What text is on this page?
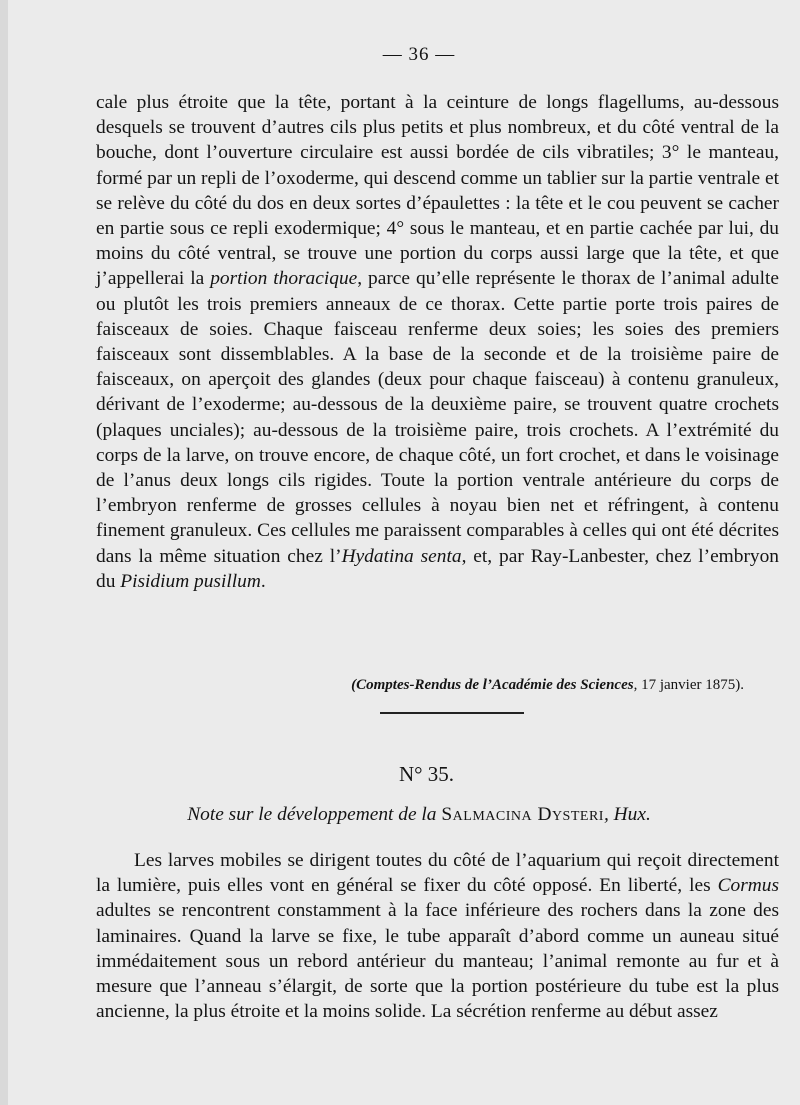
— 36 —

cale plus étroite que la tête, portant à la ceinture de longs flagellums, au-dessous desquels se trouvent d’autres cils plus petits et plus nombreux, et du côté ventral de la bouche, dont l’ouverture circulaire est aussi bordée de cils vibratiles; 3° le manteau, formé par un repli de l’oxoderme, qui descend comme un tablier sur la partie ventrale et se relève du côté du dos en deux sortes d’épaulettes : la tête et le cou peuvent se cacher en partie sous ce repli exodermique; 4° sous le manteau, et en partie cachée par lui, du moins du côté ventral, se trouve une portion du corps aussi large que la tête, et que j’appellerai la portion thoracique, parce qu’elle représente le thorax de l’animal adulte ou plutôt les trois premiers anneaux de ce thorax. Cette partie porte trois paires de faisceaux de soies. Chaque faisceau renferme deux soies; les soies des premiers faisceaux sont dissemblables. A la base de la seconde et de la troisième paire de faisceaux, on aperçoit des glandes (deux pour chaque faisceau) à contenu granuleux, dérivant de l’exoderme; au-dessous de la deuxième paire, se trouvent quatre crochets (plaques unciales); au-dessous de la troisième paire, trois crochets. A l’extrémité du corps de la larve, on trouve encore, de chaque côté, un fort crochet, et dans le voisinage de l’anus deux longs cils rigides. Toute la portion ventrale antérieure du corps de l’embryon renferme de grosses cellules à noyau bien net et réfringent, à contenu finement granuleux. Ces cellules me paraissent comparables à celles qui ont été décrites dans la même situation chez l’Hydatina senta, et, par Ray-Lanbester, chez l’embryon du Pisidium pusillum.

(Comptes-Rendus de l’Académie des Sciences, 17 janvier 1875).
N° 35.
Note sur le développement de la Salmacina Dysteri, Hux.

Les larves mobiles se dirigent toutes du côté de l’aquarium qui reçoit directement la lumière, puis elles vont en général se fixer du côté opposé. En liberté, les Cormus adultes se rencontrent constamment à la face inférieure des rochers dans la zone des laminaires. Quand la larve se fixe, le tube apparaît d’abord comme un auneau situé immédaitement sous un rebord antérieur du manteau; l’animal remonte au fur et à mesure que l’anneau s’élargit, de sorte que la portion postérieure du tube est la plus ancienne, la plus étroite et la moins solide. La sécrétion renferme au début assez
